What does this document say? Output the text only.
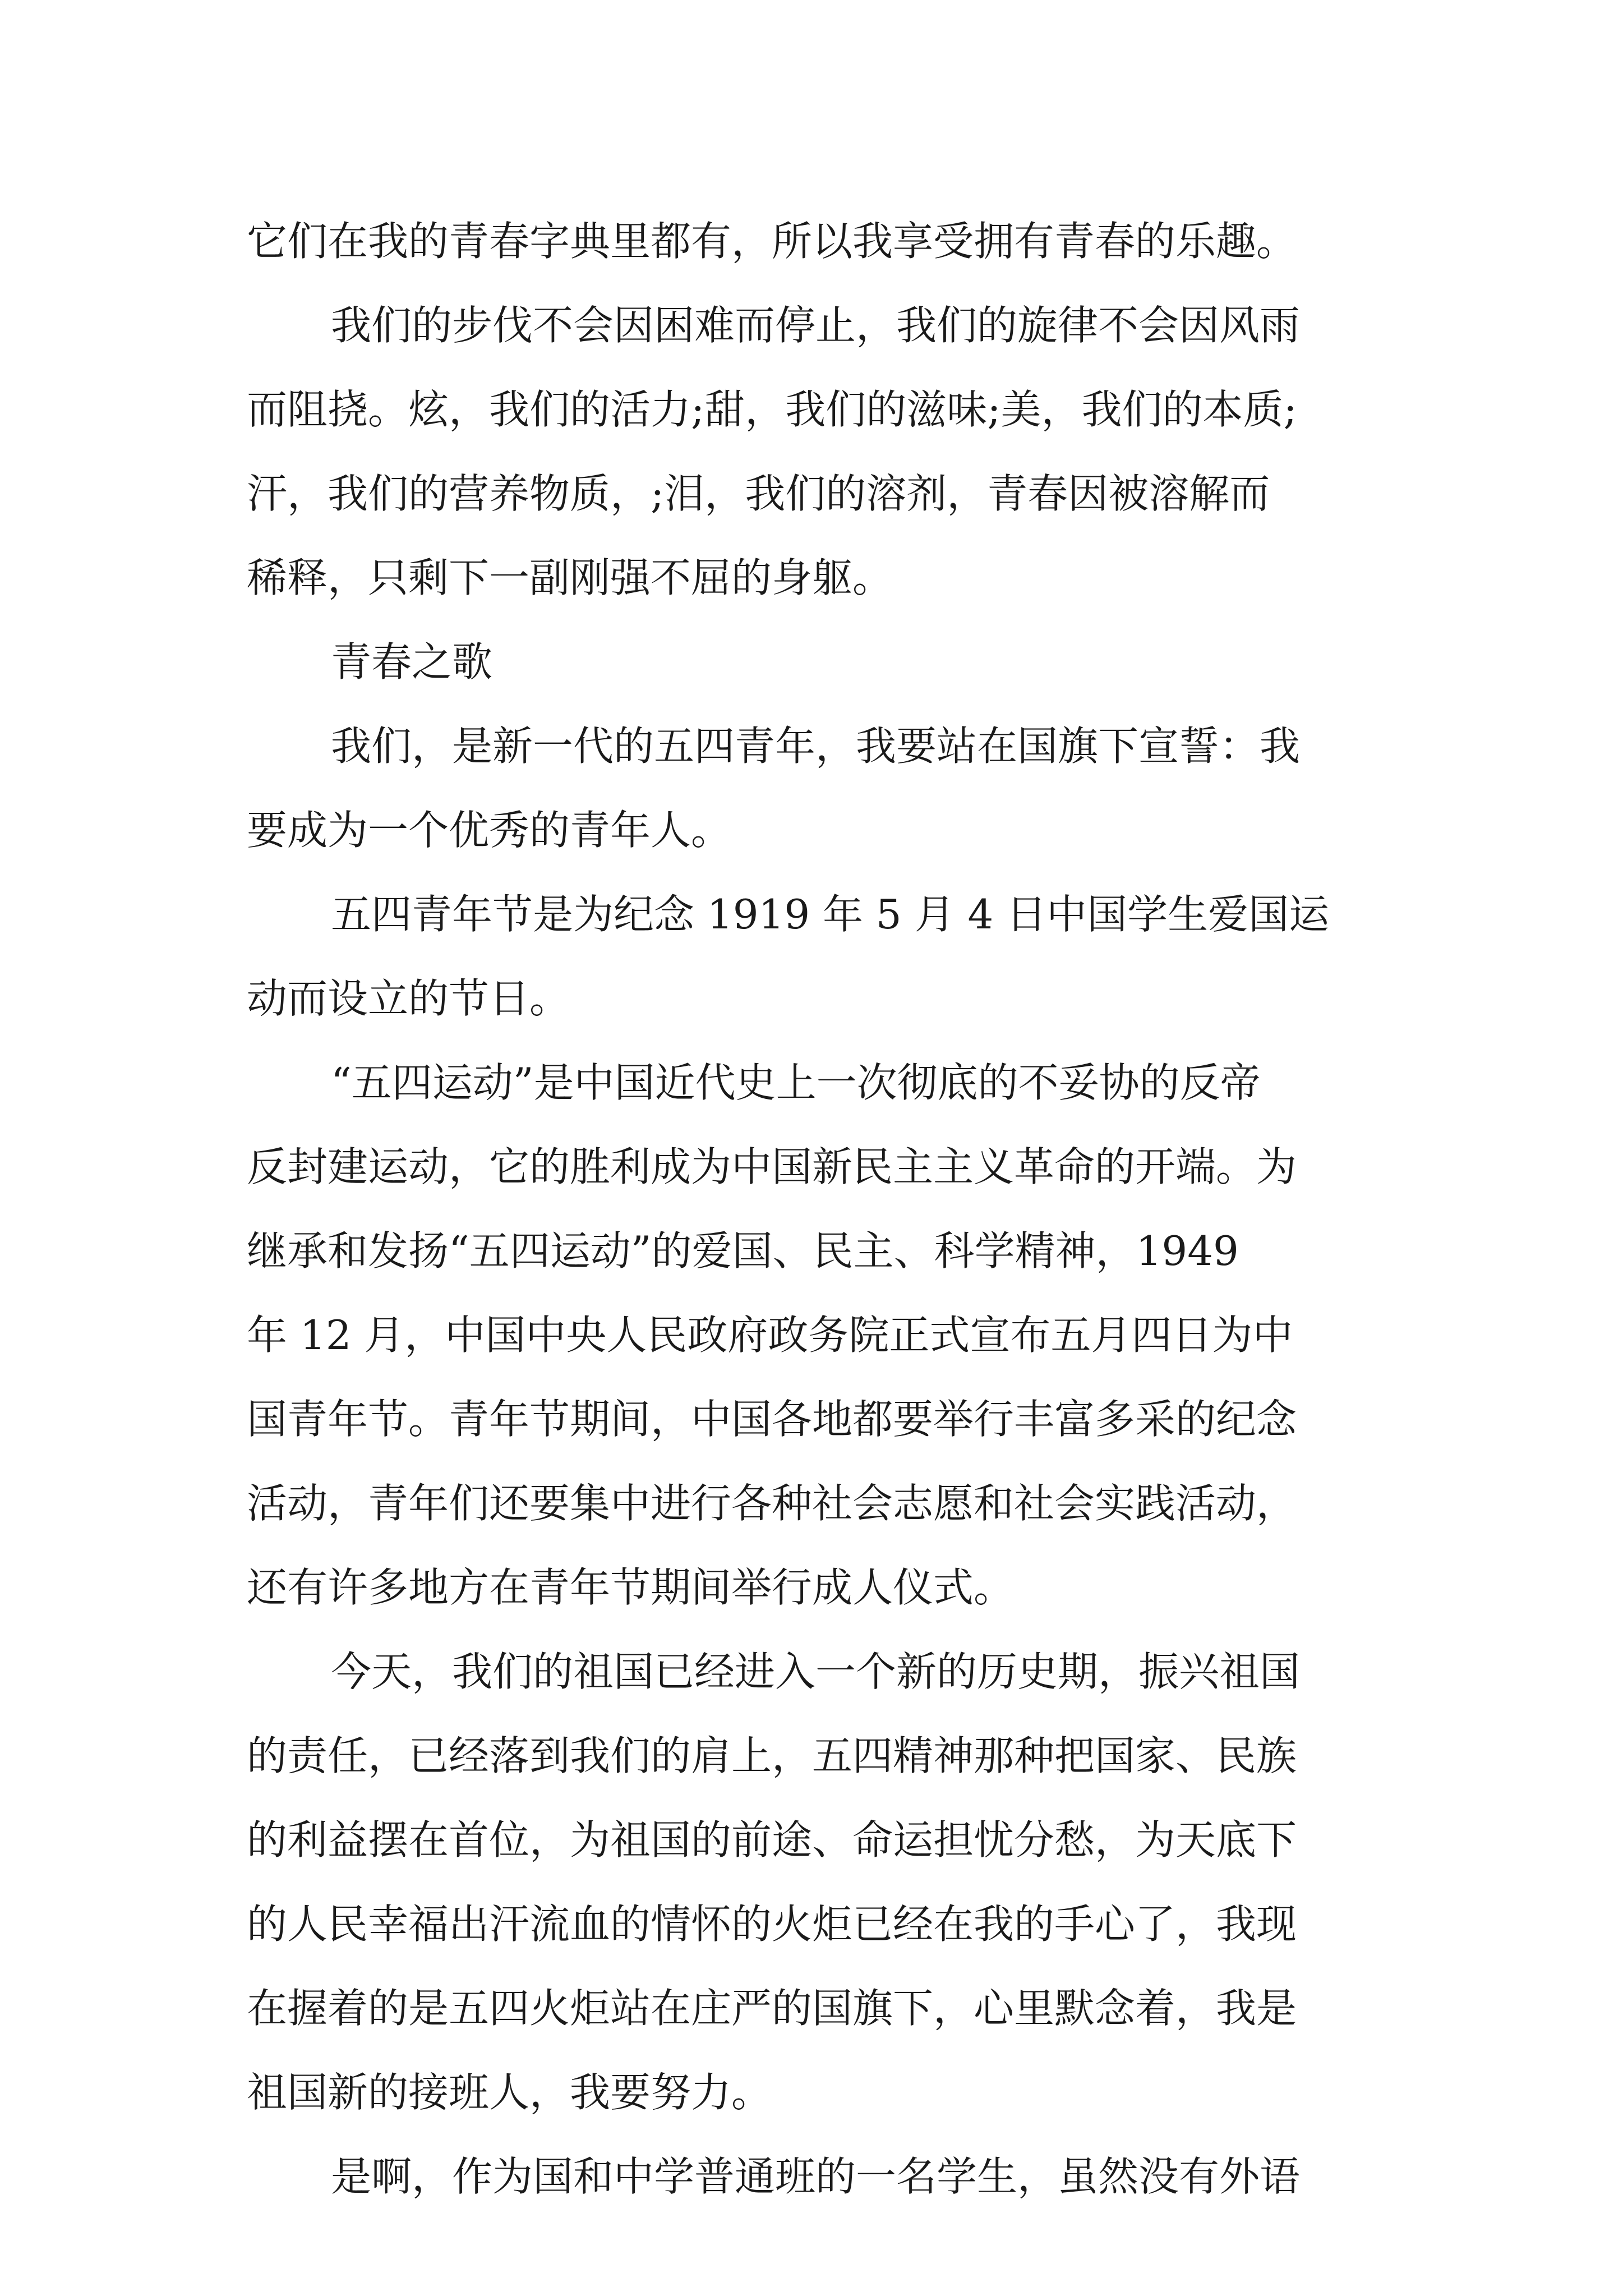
它们在我的青春字典里都有，所以我享受拥有青春的乐趣。
我们的步伐不会因困难而停止，我们的旋律不会因风雨
而阻挠。炫，我们的活力;甜，我们的滋味;美，我们的本质;
汗，我们的营养物质，;泪，我们的溶剂，青春因被溶解而
稀释，只剩下一副刚强不屈的身躯。
青春之歌
我们，是新一代的五四青年，我要站在国旗下宣誓：我
要成为一个优秀的青年人。
五四青年节是为纪念 1919 年 5 月 4 日中国学生爱国运
动而设立的节日。
“五四运动”是中国近代史上一次彻底的不妥协的反帝
反封建运动，它的胜利成为中国新民主主义革命的开端。为
继承和发扬“五四运动”的爱国、民主、科学精神，1949
年 12 月，中国中央人民政府政务院正式宣布五月四日为中
国青年节。青年节期间，中国各地都要举行丰富多采的纪念
活动，青年们还要集中进行各种社会志愿和社会实践活动，
还有许多地方在青年节期间举行成人仪式。
今天，我们的祖国已经进入一个新的历史期，振兴祖国
的责任，已经落到我们的肩上，五四精神那种把国家、民族
的利益摆在首位，为祖国的前途、命运担忧分愁，为天底下
的人民幸福出汗流血的情怀的火炬已经在我的手心了，我现
在握着的是五四火炬站在庄严的国旗下，心里默念着，我是
祖国新的接班人，我要努力。
是啊，作为国和中学普通班的一名学生，虽然没有外语
